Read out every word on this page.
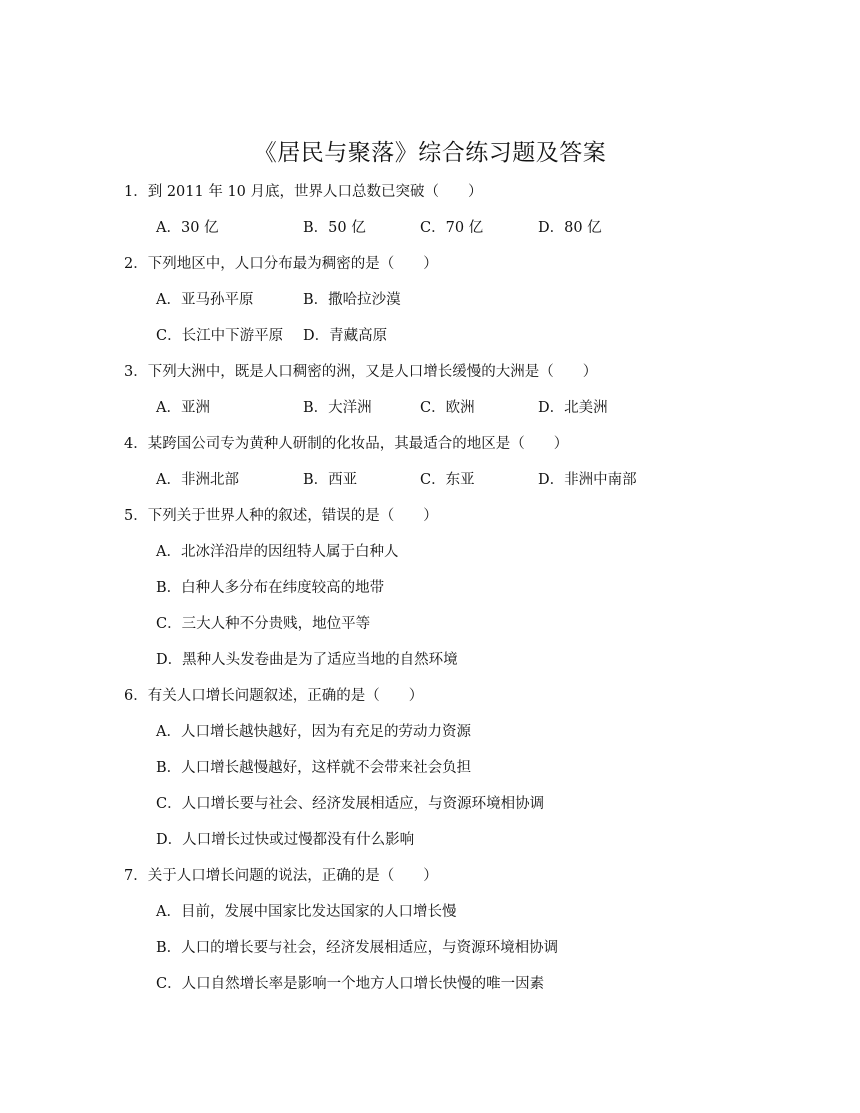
《居民与聚落》综合练习题及答案
1．到 2011 年 10 月底，世界人口总数已突破（　　）
A．30 亿	B．50 亿	C．70 亿	D．80 亿
2．下列地区中，人口分布最为稠密的是（　　）
A．亚马孙平原	B．撒哈拉沙漠
C．长江中下游平原 D．青藏高原
3．下列大洲中，既是人口稠密的洲，又是人口增长缓慢的大洲是（　　）
A．亚洲	B．大洋洲	C．欧洲	D．北美洲
4．某跨国公司专为黄种人研制的化妆品，其最适合的地区是（　　）
A．非洲北部	B．西亚	C．东亚	D．非洲中南部
5．下列关于世界人种的叙述，错误的是（　　）
A．北冰洋沿岸的因纽特人属于白种人
B．白种人多分布在纬度较高的地带
C．三大人种不分贵贱，地位平等
D．黑种人头发卷曲是为了适应当地的自然环境
6．有关人口增长问题叙述，正确的是（　　）
A．人口增长越快越好，因为有充足的劳动力资源
B．人口增长越慢越好，这样就不会带来社会负担
C．人口增长要与社会、经济发展相适应，与资源环境相协调
D．人口增长过快或过慢都没有什么影响
7．关于人口增长问题的说法，正确的是（　　）
A．目前，发展中国家比发达国家的人口增长慢
B．人口的增长要与社会，经济发展相适应，与资源环境相协调
C．人口自然增长率是影响一个地方人口增长快慢的唯一因素
